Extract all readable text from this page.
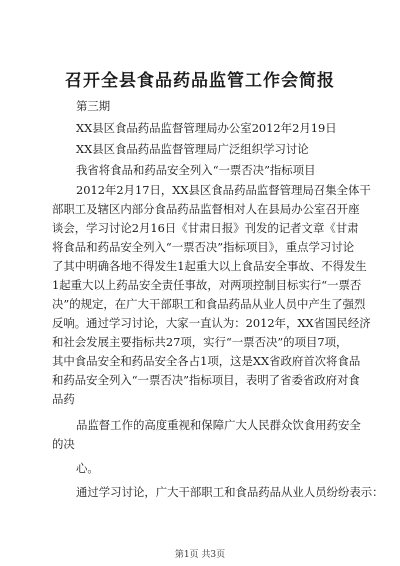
召开全县食品药品监管工作会简报
第三期
XX县区食品药品监督管理局办公室2012年2月19日
XX县区食品药品监督管理局广泛组织学习讨论
我省将食品和药品安全列入“一票否决”指标项目
2012年2月17日，XX县区食品药品监督管理局召集全体干
部职工及辖区内部分食品药品监督相对人在县局办公室召开座
谈会，学习讨论2月16日《甘肃日报》刊发的记者文章《甘肃
将食品和药品安全列入“一票否决”指标项目》，重点学习讨论
了其中明确各地不得发生1起重大以上食品安全事故、不得发生
1起重大以上药品安全责任事故，对两项控制目标实行“一票否
决”的规定，在广大干部职工和食品药品从业人员中产生了强烈
反响。通过学习讨论，大家一直认为：2012年，XX省国民经济
和社会发展主要指标共27项，实行“一票否决”的项目7项，
其中食品安全和药品安全各占1项，这是XX省政府首次将食品
和药品安全列入“一票否决”指标项目，表明了省委省政府对食
品药
品监督工作的高度重视和保障广大人民群众饮食用药安全
的决
心。
通过学习讨论，广大干部职工和食品药品从业人员纷纷表示：
第1页 共3页
